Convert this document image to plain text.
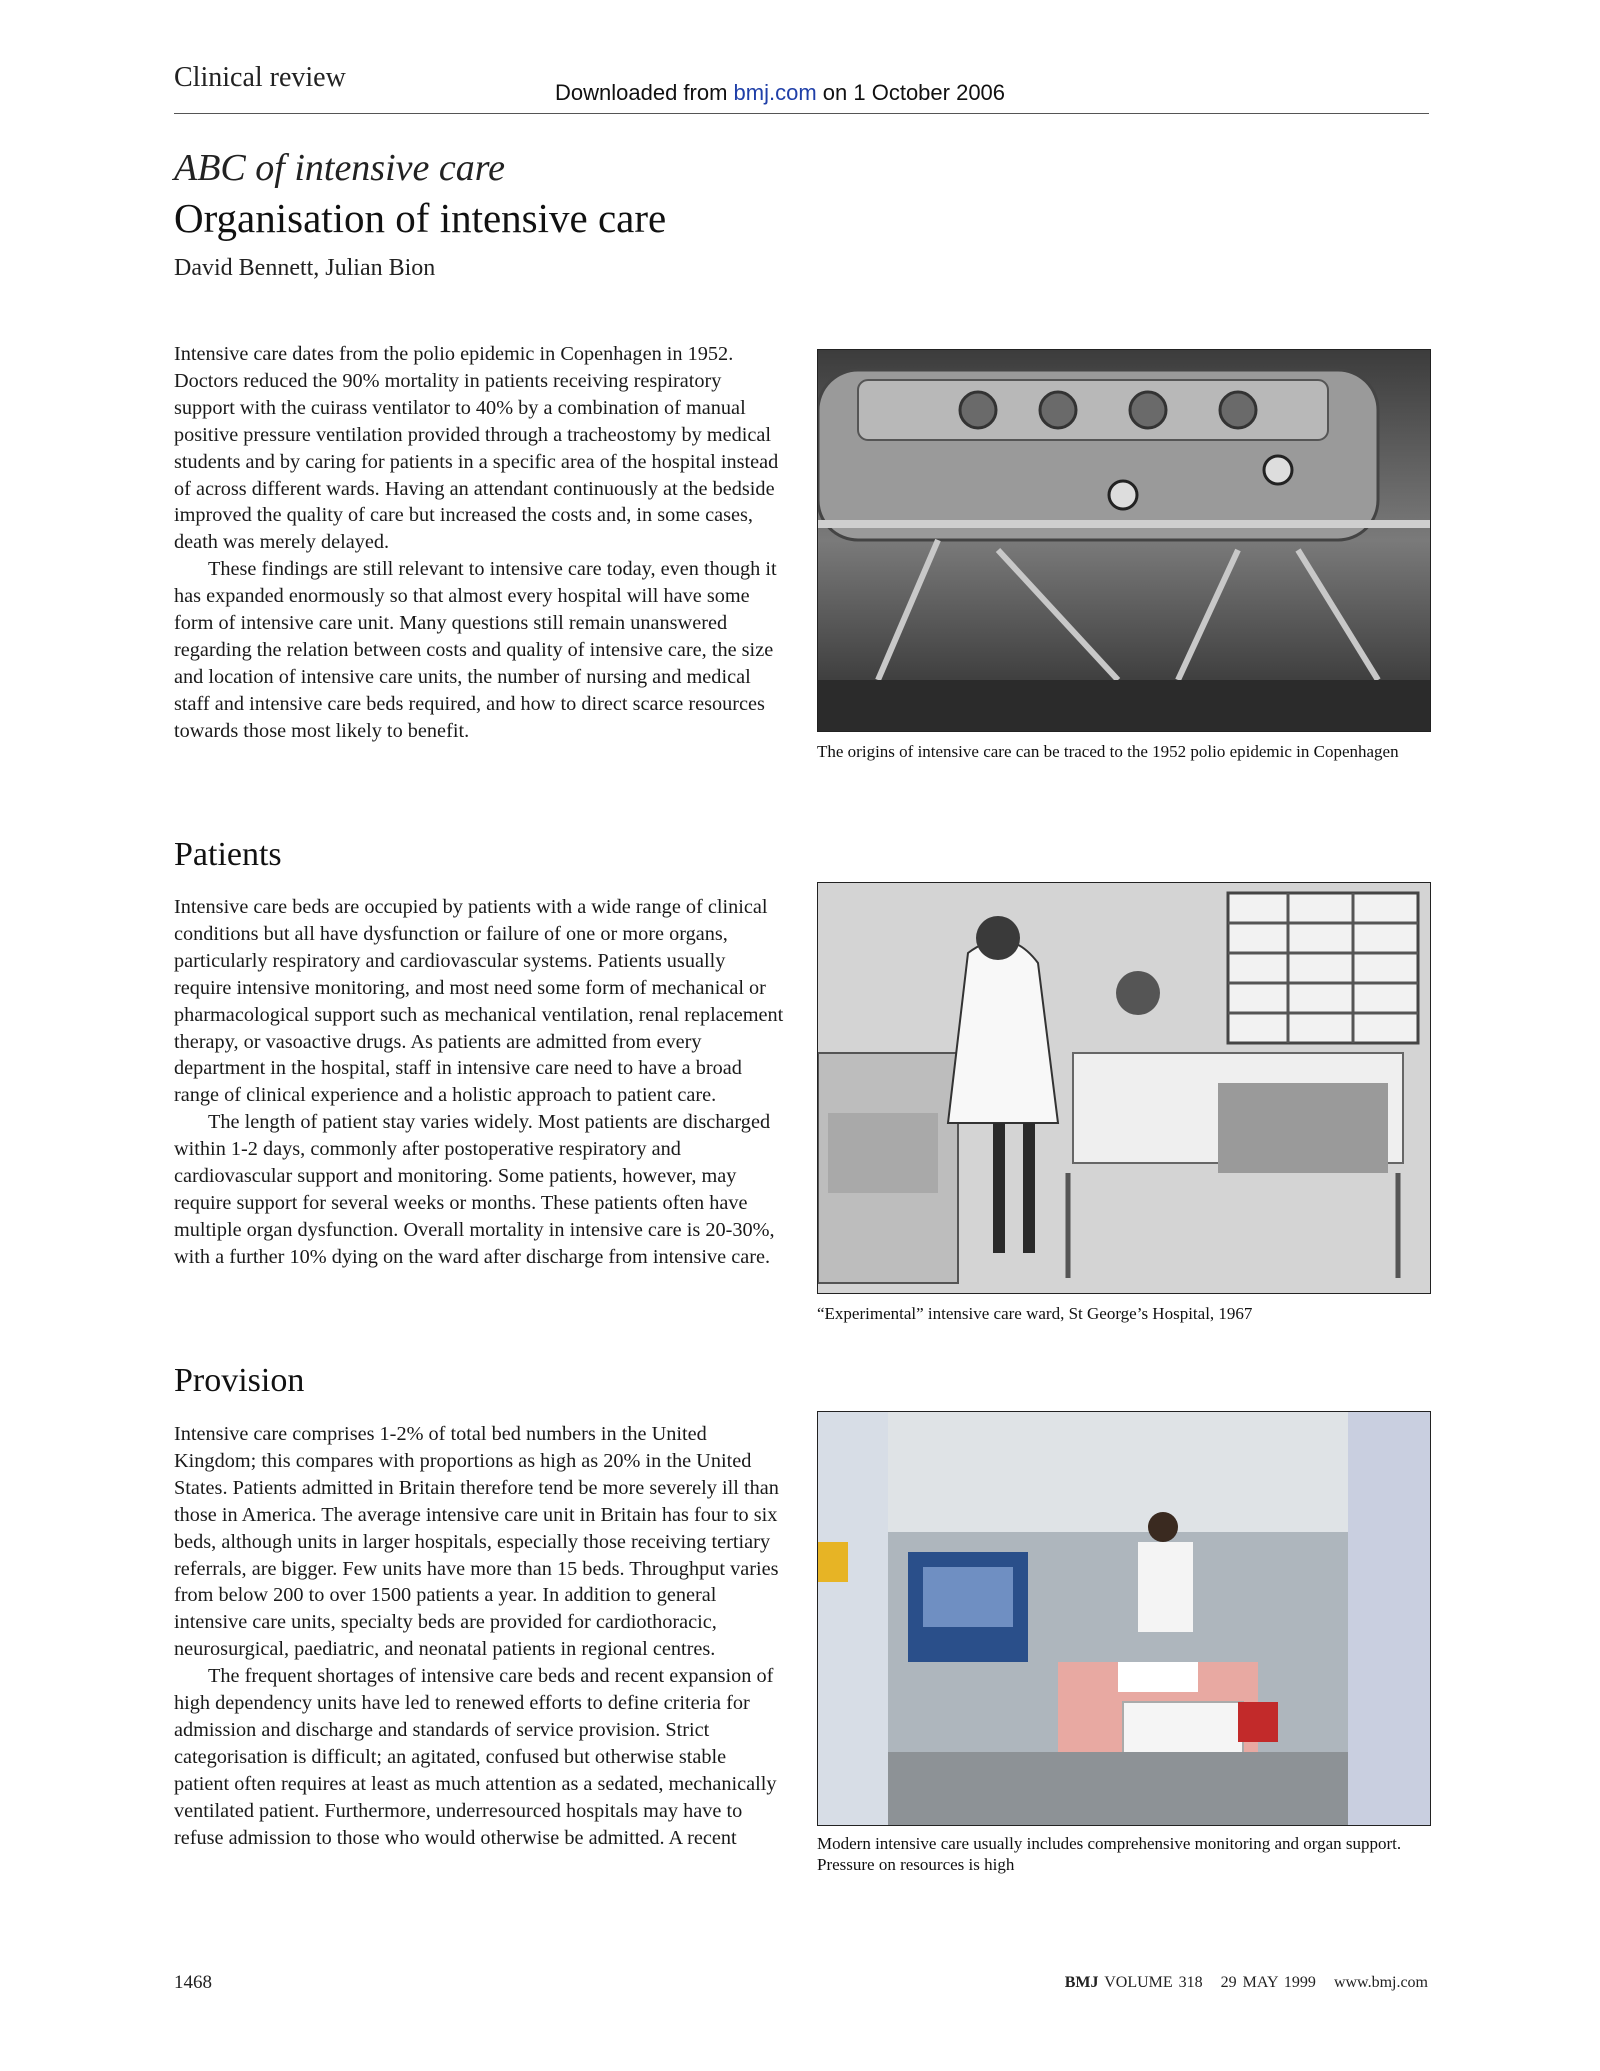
Clinical review	Downloaded from bmj.com on 1 October 2006
ABC of intensive care
Organisation of intensive care
David Bennett, Julian Bion

Intensive care dates from the polio epidemic in Copenhagen in 1952. Doctors reduced the 90% mortality in patients receiving respiratory support with the cuirass ventilator to 40% by a combination of manual positive pressure ventilation provided through a tracheostomy by medical students and by caring for patients in a specific area of the hospital instead of across different wards. Having an attendant continuously at the bedside improved the quality of care but increased the costs and, in some cases, death was merely delayed.

These findings are still relevant to intensive care today, even though it has expanded enormously so that almost every hospital will have some form of intensive care unit. Many questions still remain unanswered regarding the relation between costs and quality of intensive care, the size and location of intensive care units, the number of nursing and medical staff and intensive care beds required, and how to direct scarce resources towards those most likely to benefit.

Patients

Intensive care beds are occupied by patients with a wide range of clinical conditions but all have dysfunction or failure of one or more organs, particularly respiratory and cardiovascular systems. Patients usually require intensive monitoring, and most need some form of mechanical or pharmacological support such as mechanical ventilation, renal replacement therapy, or vasoactive drugs. As patients are admitted from every department in the hospital, staff in intensive care need to have a broad range of clinical experience and a holistic approach to patient care.

The length of patient stay varies widely. Most patients are discharged within 1-2 days, commonly after postoperative respiratory and cardiovascular support and monitoring. Some patients, however, may require support for several weeks or months. These patients often have multiple organ dysfunction. Overall mortality in intensive care is 20-30%, with a further 10% dying on the ward after discharge from intensive care.

Provision

Intensive care comprises 1-2% of total bed numbers in the United Kingdom; this compares with proportions as high as 20% in the United States. Patients admitted in Britain therefore tend be more severely ill than those in America. The average intensive care unit in Britain has four to six beds, although units in larger hospitals, especially those receiving tertiary referrals, are bigger. Few units have more than 15 beds. Throughput varies from below 200 to over 1500 patients a year. In addition to general intensive care units, specialty beds are provided for cardiothoracic, neurosurgical, paediatric, and neonatal patients in regional centres.

The frequent shortages of intensive care beds and recent expansion of high dependency units have led to renewed efforts to define criteria for admission and discharge and standards of service provision. Strict categorisation is difficult; an agitated, confused but otherwise stable patient often requires at least as much attention as a sedated, mechanically ventilated patient. Furthermore, underresourced hospitals may have to refuse admission to those who would otherwise be admitted. A recent

The origins of intensive care can be traced to the 1952 polio epidemic in Copenhagen
“Experimental” intensive care ward, St George’s Hospital, 1967
Modern intensive care usually includes comprehensive monitoring and organ support. Pressure on resources is high
1468	BMJ VOLUME 318 29 MAY 1999 www.bmj.com
